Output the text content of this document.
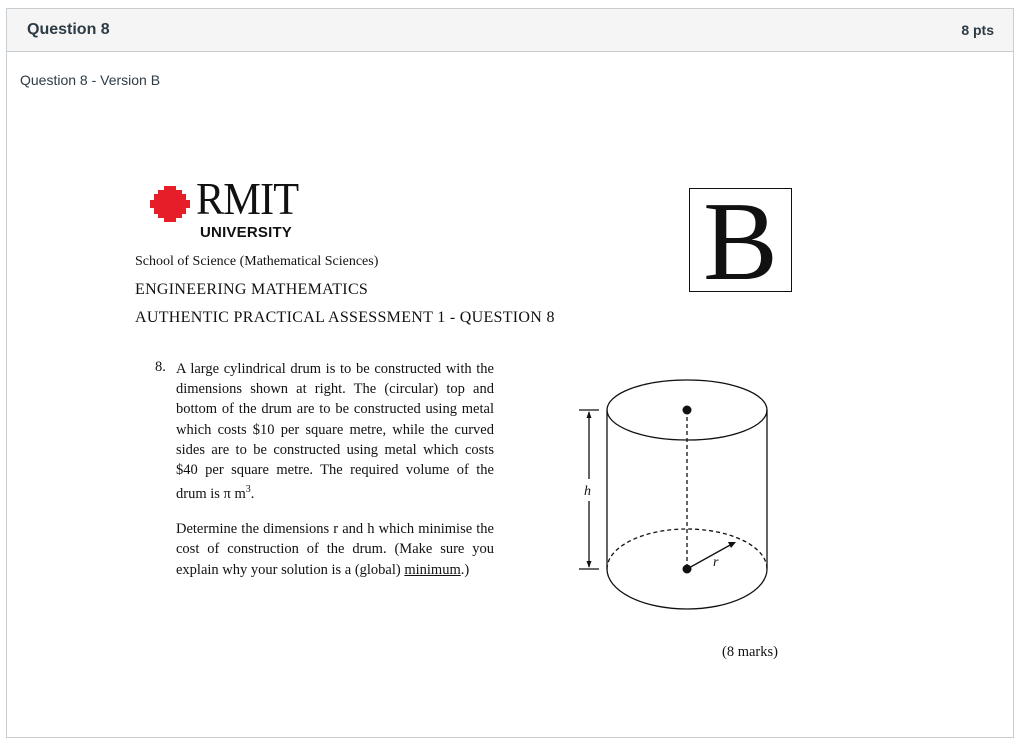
Question 8	8 pts
Question 8 - Version B
RMIT
UNIVERSITY
School of Science (Mathematical Sciences)
ENGINEERING MATHEMATICS
AUTHENTIC PRACTICAL ASSESSMENT 1 - QUESTION 8
B
8. A large cylindrical drum is to be constructed with the dimensions shown at right. The (circular) top and bottom of the drum are to be constructed using metal which costs $10 per square metre, while the curved sides are to be constructed using metal which costs $40 per square metre. The required volume of the drum is π $m^3$.

Determine the dimensions r and h which minimise the cost of construction of the drum. (Make sure you explain why your solution is a (global) minimum.)

h
r
(8 marks)
